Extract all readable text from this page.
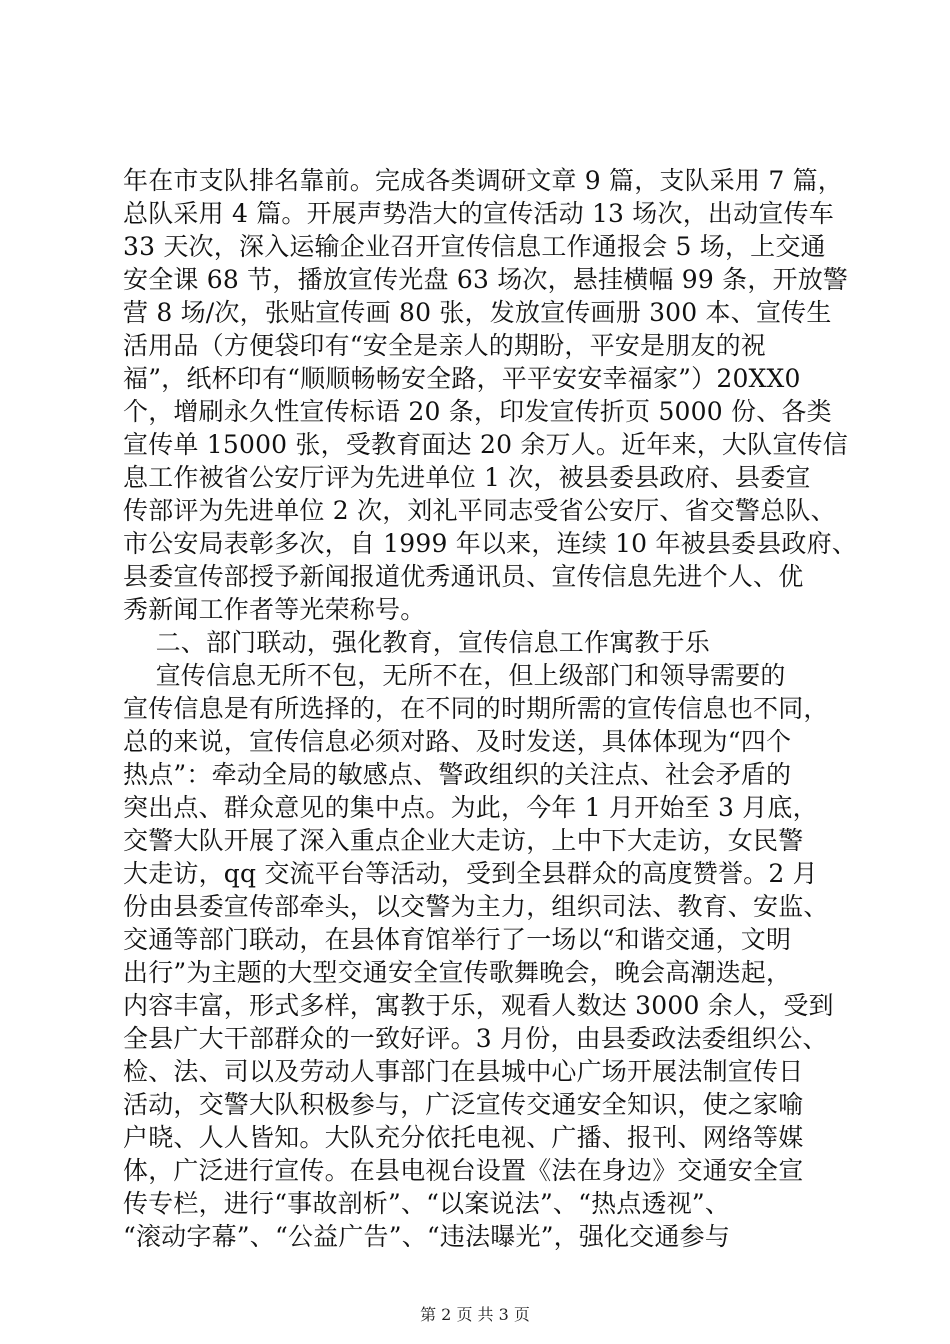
年在市支队排名靠前。完成各类调研文章 9 篇，支队采用 7 篇，
总队采用 4 篇。开展声势浩大的宣传活动 13 场次，出动宣传车
33 天次，深入运输企业召开宣传信息工作通报会 5 场，上交通
安全课 68 节，播放宣传光盘 63 场次，悬挂横幅 99 条，开放警
营 8 场/次，张贴宣传画 80 张，发放宣传画册 300 本、宣传生
活用品（方便袋印有“安全是亲人的期盼，平安是朋友的祝
福”，纸杯印有“顺顺畅畅安全路，平平安安幸福家”）20XX0
个，增刷永久性宣传标语 20 条，印发宣传折页 5000 份、各类
宣传单 15000 张，受教育面达 20 余万人。近年来，大队宣传信
息工作被省公安厅评为先进单位 1 次，被县委县政府、县委宣
传部评为先进单位 2 次，刘礼平同志受省公安厅、省交警总队、
市公安局表彰多次，自 1999 年以来，连续 10 年被县委县政府、
县委宣传部授予新闻报道优秀通讯员、宣传信息先进个人、优
秀新闻工作者等光荣称号。
二、部门联动，强化教育，宣传信息工作寓教于乐
宣传信息无所不包，无所不在，但上级部门和领导需要的
宣传信息是有所选择的，在不同的时期所需的宣传信息也不同，
总的来说，宣传信息必须对路、及时发送，具体体现为“四个
热点”：牵动全局的敏感点、警政组织的关注点、社会矛盾的
突出点、群众意见的集中点。为此，今年 1 月开始至 3 月底，
交警大队开展了深入重点企业大走访，上中下大走访，女民警
大走访，qq 交流平台等活动，受到全县群众的高度赞誉。2 月
份由县委宣传部牵头，以交警为主力，组织司法、教育、安监、
交通等部门联动，在县体育馆举行了一场以“和谐交通，文明
出行”为主题的大型交通安全宣传歌舞晚会，晚会高潮迭起，
内容丰富，形式多样，寓教于乐，观看人数达 3000 余人，受到
全县广大干部群众的一致好评。3 月份，由县委政法委组织公、
检、法、司以及劳动人事部门在县城中心广场开展法制宣传日
活动，交警大队积极参与，广泛宣传交通安全知识，使之家喻
户晓、人人皆知。大队充分依托电视、广播、报刊、网络等媒
体，广泛进行宣传。在县电视台设置《法在身边》交通安全宣
传专栏，进行“事故剖析”、“以案说法”、“热点透视”、
“滚动字幕”、“公益广告”、“违法曝光”，强化交通参与
第 2 页 共 3 页
